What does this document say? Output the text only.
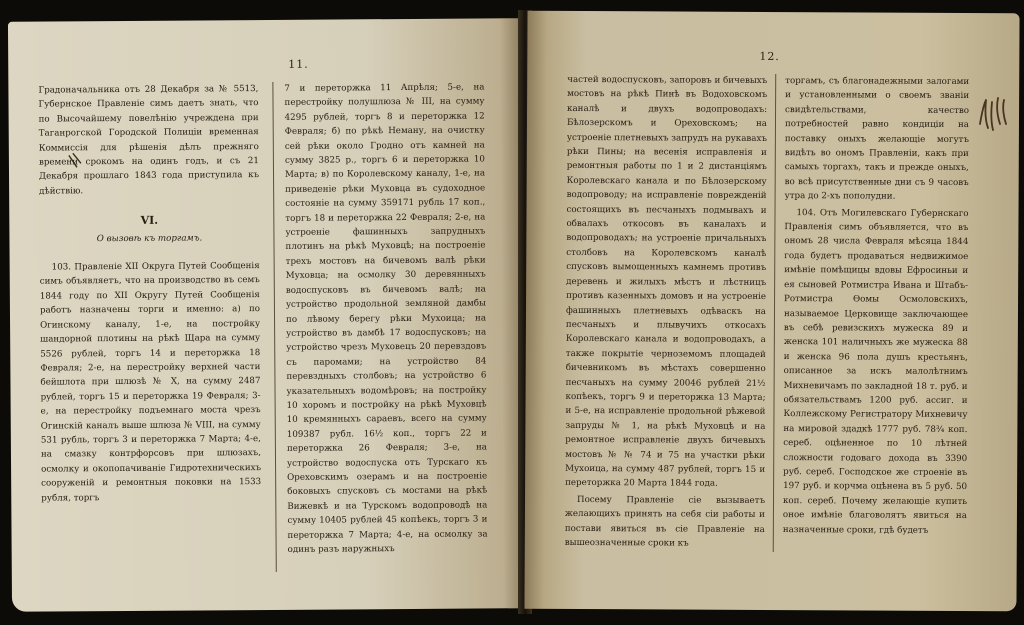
11.

Градоначальника отъ 28 Декабря за № 5513, Губернское Правленіе симъ даетъ знать, что по Высочайшему повелѣнію учреждена при Таганрогской Городской Полиціи временная Коммиссія для рѣшенія дѣлъ прежняго времени срокомъ на одинъ годъ, и съ 21 Декабря прошлаго 1843 года приступила къ дѣйствію.

VI.

О вызовѣ къ торгамъ.

103. Правленіе XII Округа Путей Сообщенія симъ объявляетъ, что на производство въ семъ 1844 году по XII Округу Путей Сообщенія работъ назначены торги и именно: а) по Огинскому каналу, 1-е, на постройку шандорной плотины на рѣкѣ Щара на сумму 5526 рублей, торгъ 14 и переторжка 18 Февраля; 2-е, на перестройку верхней части бейшлота при шлюзѣ № X, на сумму 2487 рублей, торгъ 15 и переторжка 19 Февраля; 3-е, на перестройку подъемнаго моста чрезъ Огинскій каналъ выше шлюза № VIII, на сумму 531 рубль, торгъ 3 и переторжка 7 Марта; 4-е, на смазку контрфорсовъ при шлюзахъ, осмолку и окопопачиваніе Гидротехническихъ сооруженій и ремонтныя поковки на 1533 рубля, торгъ

7 и переторжка 11 Апрѣля; 5-е, на перестройку полушлюза № III, на сумму 4295 рублей, торгъ 8 и переторжка 12 Февраля; б) по рѣкѣ Неману, на очистку сей рѣки около Гродно отъ камней на сумму 3825 р., торгъ 6 и переторжка 10 Марта; в) по Королевскому каналу, 1-е, на приведеніе рѣки Муховца въ судоходное состояніе на сумму 359171 рубль 17 коп., торгъ 18 и переторжка 22 Февраля; 2-е, на устроеніе фашинныхъ запрудныхъ плотинъ на рѣкѣ Муховцѣ; на построеніе трехъ мостовъ на бичевомъ валѣ рѣки Муховца; на осмолку 30 деревянныхъ водоспусковъ въ бичевомъ валѣ; на устройство продольной земляной дамбы по лѣвому берегу рѣки Мухоица; на устройство въ дамбѣ 17 водоспусковъ; на устройство чрезъ Муховецъ 20 перевздовъ съ паромами; на устройство 84 перевздныхъ столбовъ; на устройство 6 указательныхъ водомѣровъ; на постройку 10 хоромъ и постройку на рѣкѣ Муховцѣ 10 кремянныхъ сараевъ, всего на сумму 109387 рубл. 16½ коп., торгъ 22 и переторжка 26 Февраля; 3-е, на устройство водоспуска отъ Турскаго къ Ореховскимъ озерамъ и на построеніе боковыхъ спусковъ съ мостами на рѣкѣ Вижевкѣ и на Турскомъ водопроводѣ на сумму 10405 рублей 45 копѣекъ, торгъ 3 и переторжка 7 Марта; 4-е, на осмолку за одинъ разъ наружныхъ

12.

частей водоспусковъ, запоровъ и бичевыхъ мостовъ на рѣкѣ Пинѣ въ Водоховскомъ каналѣ и двухъ водопроводахъ: Бѣлозерскомъ и Ореховскомъ; на устроеніе плетневыхъ запрудъ на рукавахъ рѣки Пины; на весенія исправленія и ремонтныя работы по 1 и 2 дистанціямъ Королевскаго канала и по Бѣлозерскому водопроводу; на исправленіе поврежденій состоящихъ въ песчаныхъ подмывахъ и обвалахъ откосовъ въ каналахъ и водопроводахъ; на устроеніе причальныхъ столбовъ на Королевскомъ каналѣ спусковъ вымощенныхъ камнемъ противъ деревень и жилыхъ мѣстъ и лѣстницъ противъ казенныхъ домовъ и на устроеніе фашинныхъ плетневыхъ одѣваскъ на песчаныхъ и плывучихъ откосахъ Королевскаго канала и водопроводахъ, а также покрытіе черноземомъ площадей бичевникомъ въ мѣстахъ совершенно песчаныхъ на сумму 20046 рублей 21½ копѣекъ, торгъ 9 и переторжка 13 Марта; и 5-е, на исправленіе продольной рѣжевой запруды № 1, на рѣкѣ Муховцѣ и на ремонтное исправленіе двухъ бичевыхъ мостовъ № № 74 и 75 на участки рѣки Мухоица, на сумму 487 рублей, торгъ 15 и переторжка 20 Марта 1844 года.

Посему Правленіе сіе вызываетъ желающихъ принять на себя сіи работы и постави явиться въ сіе Правленіе на вышеозначенные сроки къ

торгамъ, съ благонадежными залогами и установленными о своемъ званіи свидѣтельствами, качество потребностей равно кондиціи на поставку оныхъ желающіе могутъ видѣть во ономъ Правленіи, какъ при самыхъ торгахъ, такъ и прежде оныхъ, во всѣ присутственные дни съ 9 часовъ утра до 2-хъ пополудни.

104. Отъ Могилевскаго Губернскаго Правленія симъ объявляется, что въ ономъ 28 числа Февраля мѣсяца 1844 года будетъ продаваться недвижимое имѣніе помѣщицы вдовы Ефросиньи и ея сыновей Ротмистра Ивана и Штабъ-Ротмистра Ѳомы Осмоловскихъ, называемое Церковище заключающее въ себѣ ревизскихъ мужеска 89 и женска 101 наличныхъ же мужеска 88 и женска 96 пола душъ крестьянъ, описанное за искъ малолѣтнимъ Михневичамъ по закладной 18 т. руб. и обязательствамъ 1200 руб. ассиг. и Коллежскому Регистратору Михневичу на мировой здадкѣ 1777 руб. 78¾ коп. сереб. оцѣненное по 10 лѣтней сложности годоваго дохода въ 3390 руб. сереб. Господское же строеніе въ 197 руб. и корчма оцѣнена въ 5 руб. 50 коп. сереб. Почему желающіе купить оное имѣніе благоволятъ явиться на назначенные сроки, гдѣ будетъ
